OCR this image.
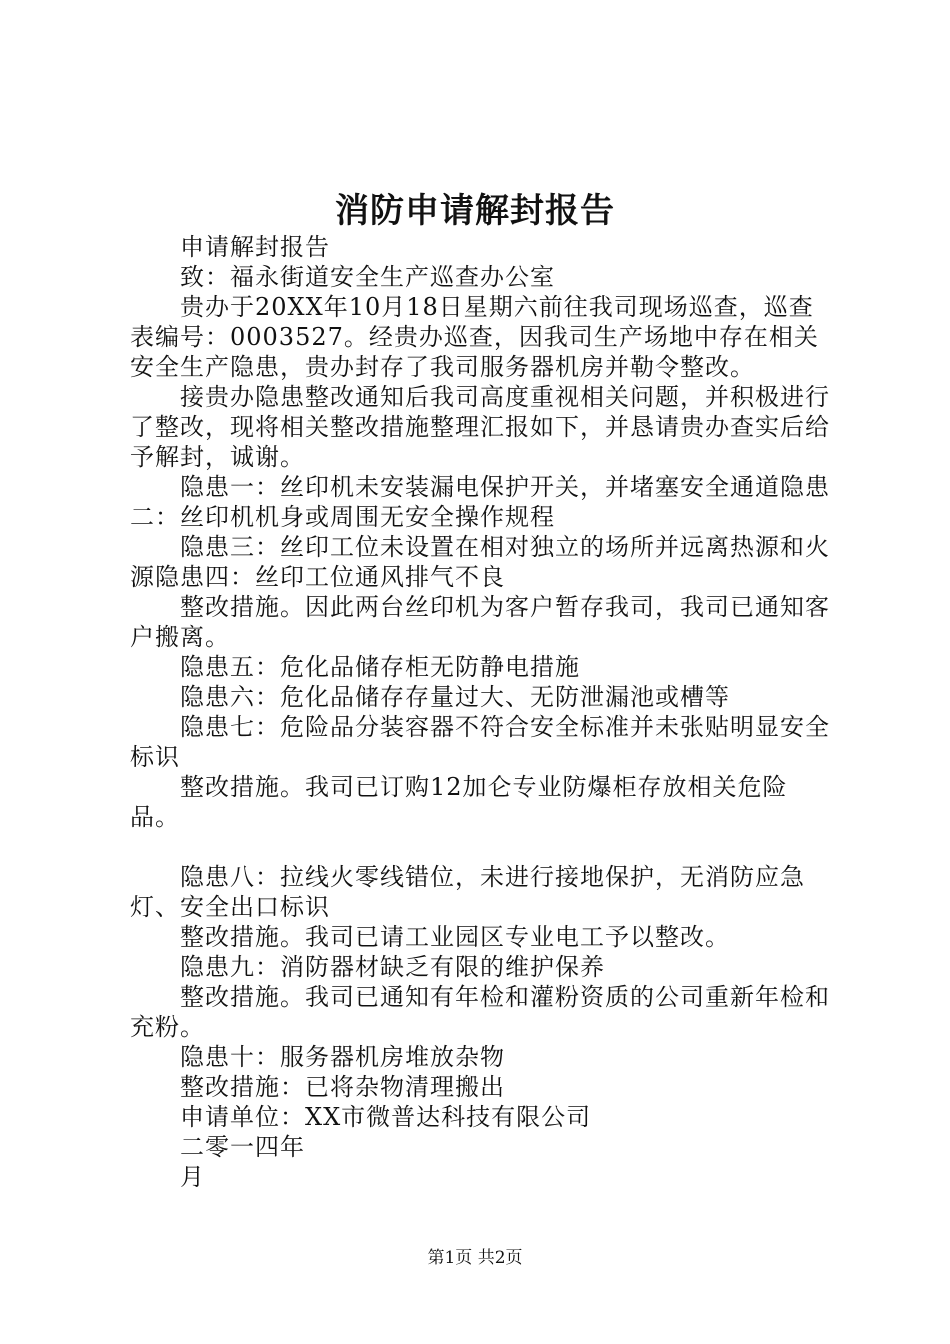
消防申请解封报告

申请解封报告

致：福永街道安全生产巡查办公室

贵办于20XX年10月18日星期六前往我司现场巡查，巡查表编号：0003527。经贵办巡查，因我司生产场地中存在相关安全生产隐患，贵办封存了我司服务器机房并勒令整改。

接贵办隐患整改通知后我司高度重视相关问题，并积极进行了整改，现将相关整改措施整理汇报如下，并恳请贵办查实后给予解封，诚谢。

隐患一：丝印机未安装漏电保护开关，并堵塞安全通道隐患二：丝印机机身或周围无安全操作规程

隐患三：丝印工位未设置在相对独立的场所并远离热源和火源隐患四：丝印工位通风排气不良

整改措施。因此两台丝印机为客户暂存我司，我司已通知客户搬离。

隐患五：危化品储存柜无防静电措施

隐患六：危化品储存存量过大、无防泄漏池或槽等

隐患七：危险品分装容器不符合安全标准并未张贴明显安全标识

整改措施。我司已订购12加仑专业防爆柜存放相关危险品。

隐患八：拉线火零线错位，未进行接地保护，无消防应急灯、安全出口标识

整改措施。我司已请工业园区专业电工予以整改。

隐患九：消防器材缺乏有限的维护保养

整改措施。我司已通知有年检和灌粉资质的公司重新年检和充粉。

隐患十：服务器机房堆放杂物

整改措施：已将杂物清理搬出

申请单位：XX市微普达科技有限公司

二零一四年

月

第1页 共2页
